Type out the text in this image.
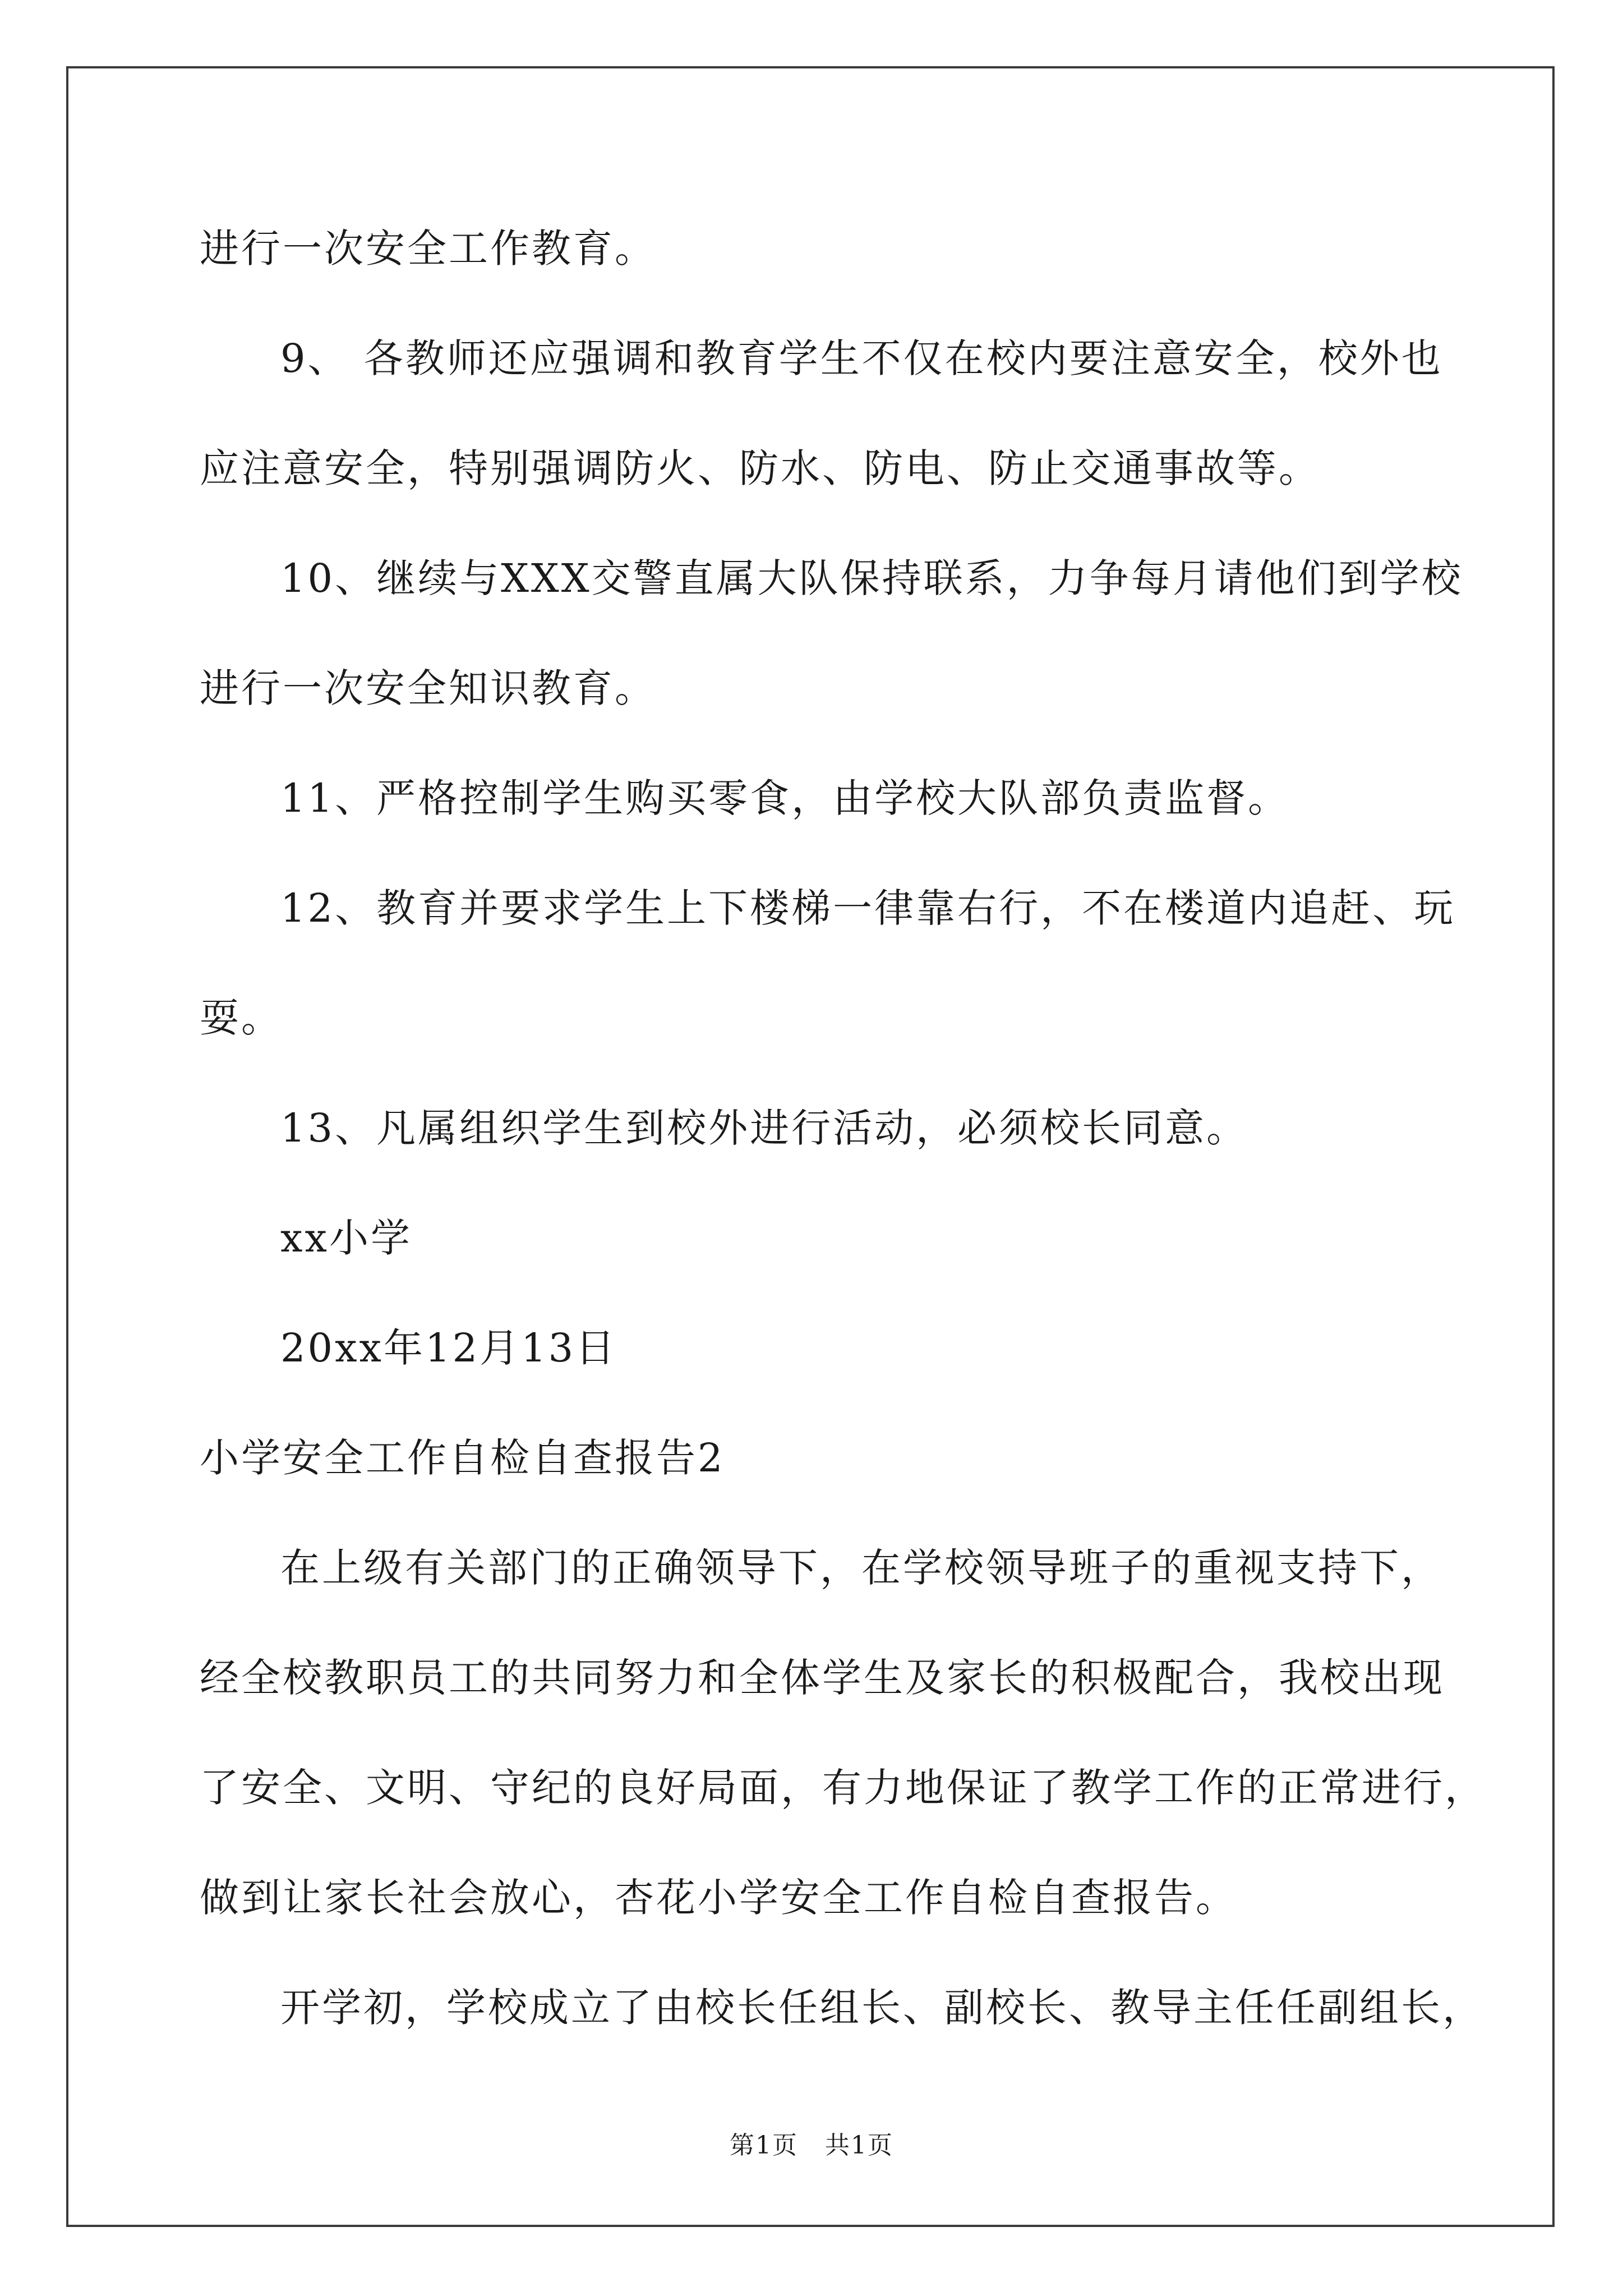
进行一次安全工作教育。
9、 各教师还应强调和教育学生不仅在校内要注意安全，校外也
应注意安全，特别强调防火、防水、防电、防止交通事故等。
10、继续与XXX交警直属大队保持联系，力争每月请他们到学校
进行一次安全知识教育。
11、严格控制学生购买零食，由学校大队部负责监督。
12、教育并要求学生上下楼梯一律靠右行，不在楼道内追赶、玩
耍。
13、凡属组织学生到校外进行活动，必须校长同意。
xx小学
20xx年12月13日
小学安全工作自检自查报告2
在上级有关部门的正确领导下，在学校领导班子的重视支持下，
经全校教职员工的共同努力和全体学生及家长的积极配合，我校出现
了安全、文明、守纪的良好局面，有力地保证了教学工作的正常进行，
做到让家长社会放心，杏花小学安全工作自检自查报告。
开学初，学校成立了由校长任组长、副校长、教导主任任副组长，
第1页   共1页
